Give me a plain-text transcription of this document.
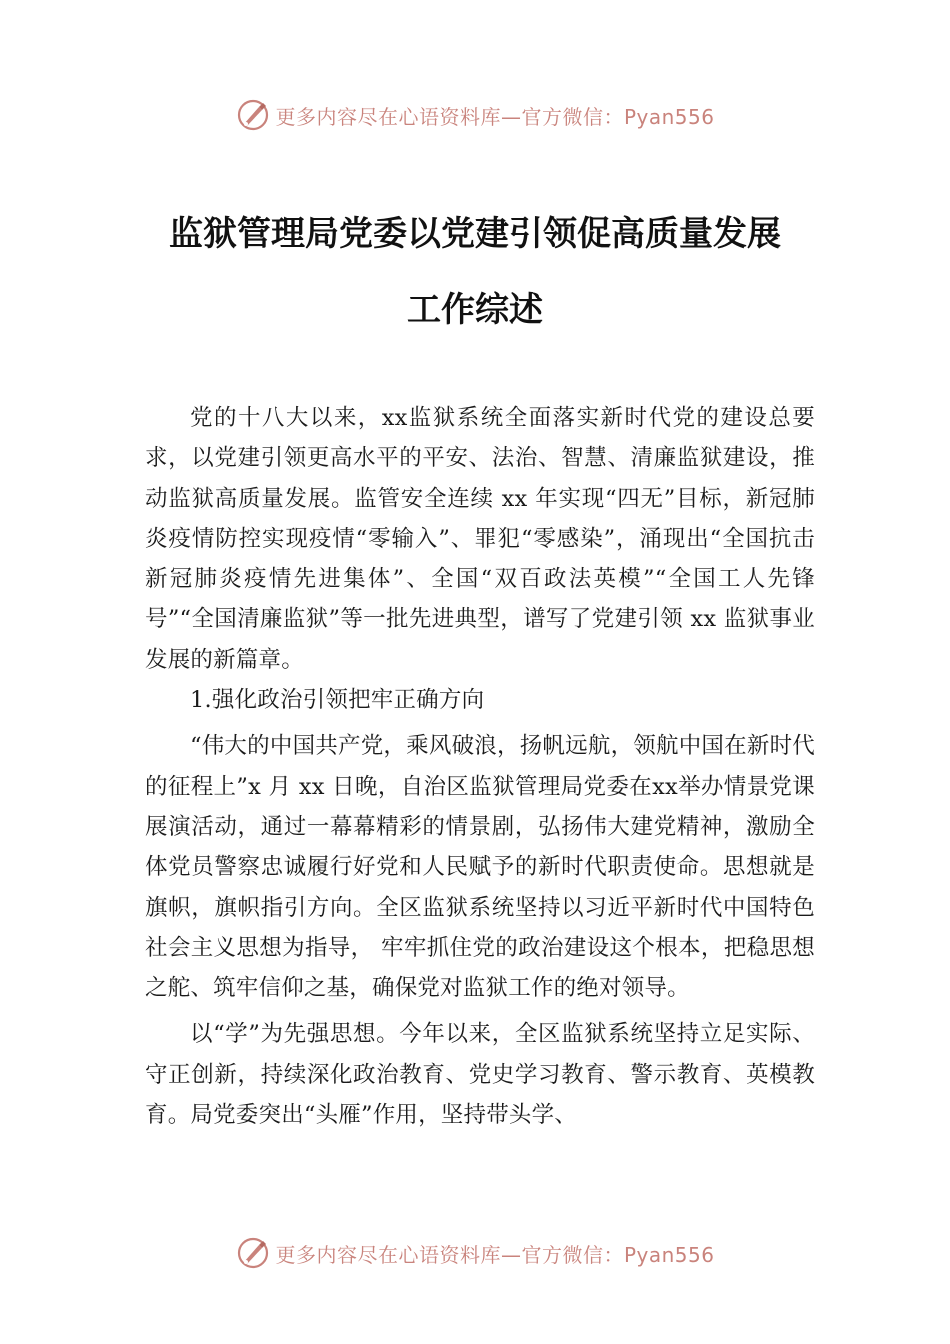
更多内容尽在心语资料库—官方微信：Pyan556
监狱管理局党委以党建引领促高质量发展
工作综述

党的十八大以来，xx监狱系统全面落实新时代党的建设总要求，以党建引领更高水平的平安、法治、智慧、清廉监狱建设，推动监狱高质量发展。监管安全连续 xx 年实现“四无”目标，新冠肺炎疫情防控实现疫情“零输入”、罪犯“零感染”，涌现出“全国抗击新冠肺炎疫情先进集体”、全国“双百政法英模”“全国工人先锋号”“全国清廉监狱”等一批先进典型，谱写了党建引领 xx 监狱事业发展的新篇章。

1.强化政治引领把牢正确方向

“伟大的中国共产党，乘风破浪，扬帆远航，领航中国在新时代的征程上”x 月 xx 日晚，自治区监狱管理局党委在xx举办情景党课展演活动，通过一幕幕精彩的情景剧，弘扬伟大建党精神，激励全体党员警察忠诚履行好党和人民赋予的新时代职责使命。思想就是旗帜，旗帜指引方向。全区监狱系统坚持以习近平新时代中国特色社会主义思想为指导， 牢牢抓住党的政治建设这个根本，把稳思想之舵、筑牢信仰之基，确保党对监狱工作的绝对领导。

以“学”为先强思想。今年以来，全区监狱系统坚持立足实际、守正创新，持续深化政治教育、党史学习教育、警示教育、英模教育。局党委突出“头雁”作用，坚持带头学、

更多内容尽在心语资料库—官方微信：Pyan556
